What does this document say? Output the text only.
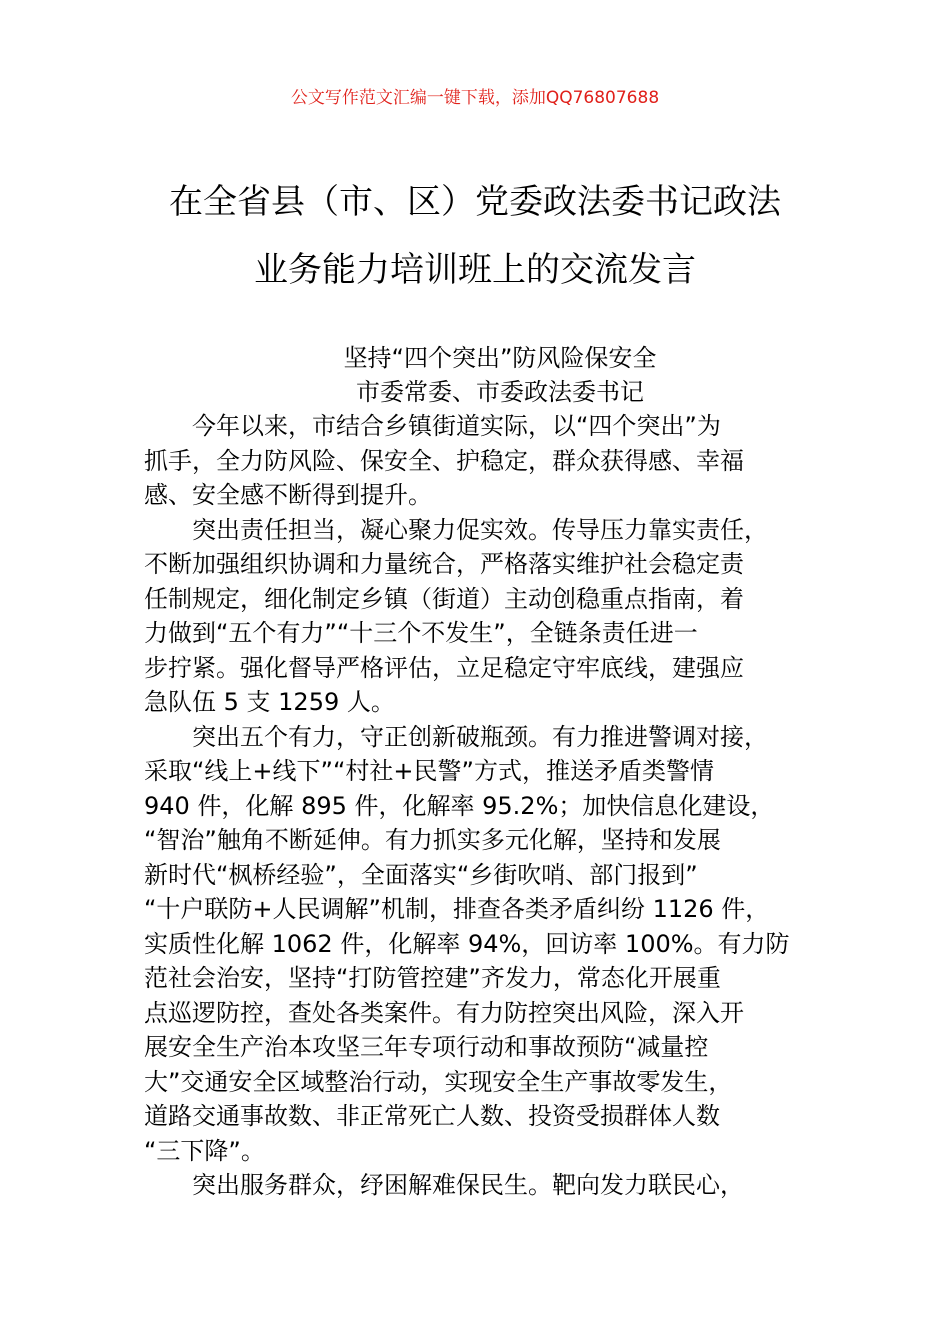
公文写作范文汇编一键下载，添加QQ76807688
在全省县（市、区）党委政法委书记政法
业务能力培训班上的交流发言
坚持“四个突出”防风险保安全
市委常委、市委政法委书记
今年以来，市结合乡镇街道实际，以“四个突出”为
抓手，全力防风险、保安全、护稳定，群众获得感、幸福
感、安全感不断得到提升。
突出责任担当，凝心聚力促实效。传导压力靠实责任，
不断加强组织协调和力量统合，严格落实维护社会稳定责
任制规定，细化制定乡镇（街道）主动创稳重点指南，着
力做到“五个有力”“十三个不发生”，全链条责任进一
步拧紧。强化督导严格评估，立足稳定守牢底线，建强应
急队伍 5 支 1259 人。
突出五个有力，守正创新破瓶颈。有力推进警调对接，
采取“线上+线下”“村社+民警”方式，推送矛盾类警情
940 件，化解 895 件，化解率 95.2%；加快信息化建设，
“智治”触角不断延伸。有力抓实多元化解，坚持和发展
新时代“枫桥经验”，全面落实“乡街吹哨、部门报到”
“十户联防+人民调解”机制，排查各类矛盾纠纷 1126 件，
实质性化解 1062 件，化解率 94%，回访率 100%。有力防
范社会治安，坚持“打防管控建”齐发力，常态化开展重
点巡逻防控，查处各类案件。有力防控突出风险，深入开
展安全生产治本攻坚三年专项行动和事故预防“减量控
大”交通安全区域整治行动，实现安全生产事故零发生，
道路交通事故数、非正常死亡人数、投资受损群体人数
“三下降”。
突出服务群众，纾困解难保民生。靶向发力联民心，
